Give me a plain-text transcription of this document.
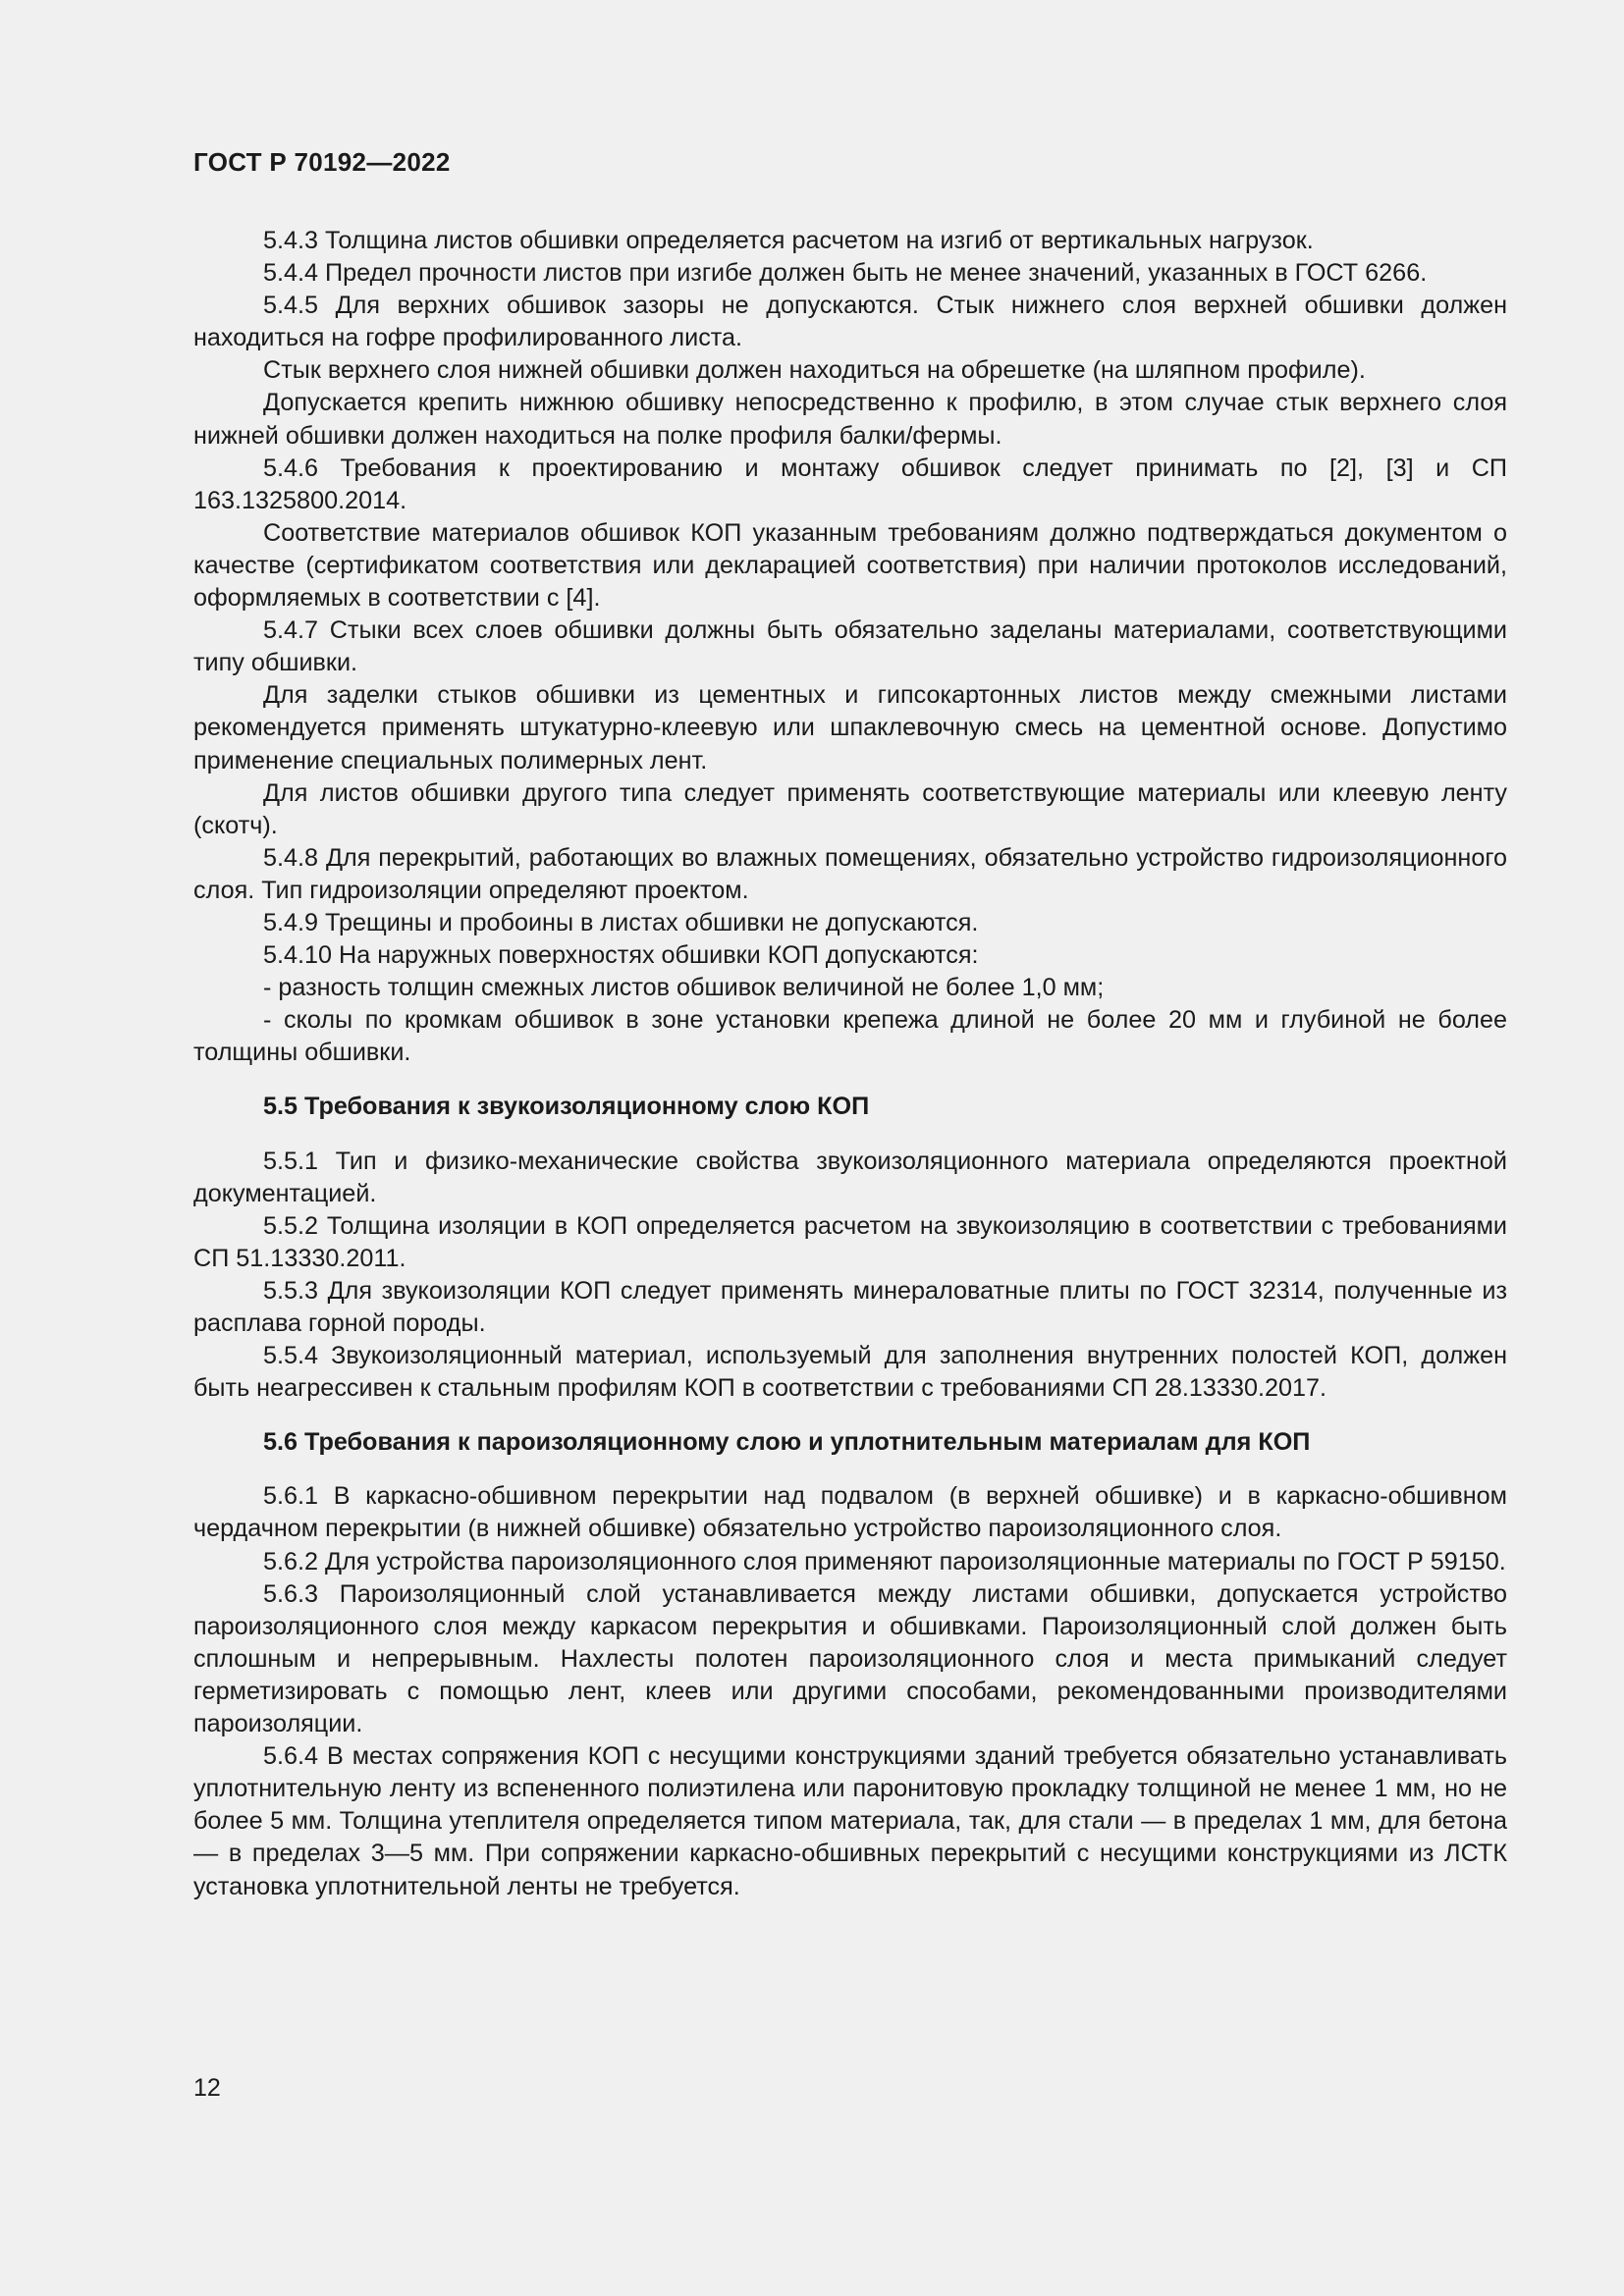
ГОСТ Р 70192—2022

5.4.3 Толщина листов обшивки определяется расчетом на изгиб от вертикальных нагрузок.

5.4.4 Предел прочности листов при изгибе должен быть не менее значений, указанных в ГОСТ 6266.

5.4.5 Для верхних обшивок зазоры не допускаются. Стык нижнего слоя верхней обшивки должен находиться на гофре профилированного листа.

Стык верхнего слоя нижней обшивки должен находиться на обрешетке (на шляпном профиле).

Допускается крепить нижнюю обшивку непосредственно к профилю, в этом случае стык верхнего слоя нижней обшивки должен находиться на полке профиля балки/фермы.

5.4.6 Требования к проектированию и монтажу обшивок следует принимать по [2], [3] и СП 163.1325800.2014.

Соответствие материалов обшивок КОП указанным требованиям должно подтверждаться документом о качестве (сертификатом соответствия или декларацией соответствия) при наличии протоколов исследований, оформляемых в соответствии с [4].

5.4.7 Стыки всех слоев обшивки должны быть обязательно заделаны материалами, соответствующими типу обшивки.

Для заделки стыков обшивки из цементных и гипсокартонных листов между смежными листами рекомендуется применять штукатурно-клеевую или шпаклевочную смесь на цементной основе. Допустимо применение специальных полимерных лент.

Для листов обшивки другого типа следует применять соответствующие материалы или клеевую ленту (скотч).

5.4.8 Для перекрытий, работающих во влажных помещениях, обязательно устройство гидроизоляционного слоя. Тип гидроизоляции определяют проектом.

5.4.9 Трещины и пробоины в листах обшивки не допускаются.

5.4.10 На наружных поверхностях обшивки КОП допускаются:

- разность толщин смежных листов обшивок величиной не более 1,0 мм;

- сколы по кромкам обшивок в зоне установки крепежа длиной не более 20 мм и глубиной не более толщины обшивки.

5.5 Требования к звукоизоляционному слою КОП

5.5.1 Тип и физико-механические свойства звукоизоляционного материала определяются проектной документацией.

5.5.2 Толщина изоляции в КОП определяется расчетом на звукоизоляцию в соответствии с требованиями СП 51.13330.2011.

5.5.3 Для звукоизоляции КОП следует применять минераловатные плиты по ГОСТ 32314, полученные из расплава горной породы.

5.5.4 Звукоизоляционный материал, используемый для заполнения внутренних полостей КОП, должен быть неагрессивен к стальным профилям КОП в соответствии с требованиями СП 28.13330.2017.

5.6 Требования к пароизоляционному слою и уплотнительным материалам для КОП

5.6.1 В каркасно-обшивном перекрытии над подвалом (в верхней обшивке) и в каркасно-обшивном чердачном перекрытии (в нижней обшивке) обязательно устройство пароизоляционного слоя.

5.6.2 Для устройства пароизоляционного слоя применяют пароизоляционные материалы по ГОСТ Р 59150.

5.6.3 Пароизоляционный слой устанавливается между листами обшивки, допускается устройство пароизоляционного слоя между каркасом перекрытия и обшивками. Пароизоляционный слой должен быть сплошным и непрерывным. Нахлесты полотен пароизоляционного слоя и места примыканий следует герметизировать с помощью лент, клеев или другими способами, рекомендованными производителями пароизоляции.

5.6.4 В местах сопряжения КОП с несущими конструкциями зданий требуется обязательно устанавливать уплотнительную ленту из вспененного полиэтилена или паронитовую прокладку толщиной не менее 1 мм, но не более 5 мм. Толщина утеплителя определяется типом материала, так, для стали — в пределах 1 мм, для бетона — в пределах 3—5 мм. При сопряжении каркасно-обшивных перекрытий с несущими конструкциями из ЛСТК установка уплотнительной ленты не требуется.

12
